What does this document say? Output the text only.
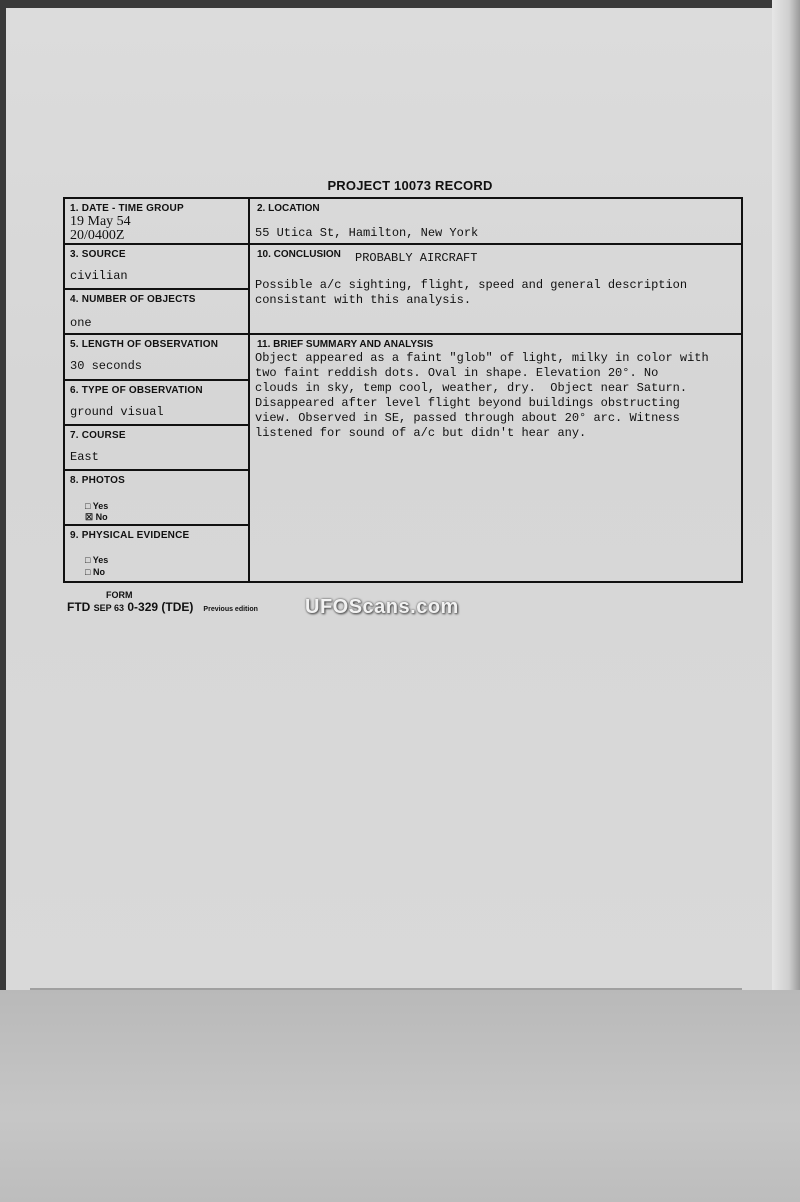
PROJECT 10073 RECORD
1. DATE - TIME GROUP
19 May 54
20/0400Z
3. SOURCE
civilian
4. NUMBER OF OBJECTS
one
5. LENGTH OF OBSERVATION
30 seconds
6. TYPE OF OBSERVATION
ground visual
7. COURSE
East
8. PHOTOS
□ Yes
☒ No
9. PHYSICAL EVIDENCE
□ Yes
□ No
2. LOCATION
55 Utica St, Hamilton, New York
10. CONCLUSION PROBABLY AIRCRAFT
Possible a/c sighting, flight, speed and general description
consistant with this analysis.
11. BRIEF SUMMARY AND ANALYSIS
Object appeared as a faint "glob" of light, milky in color with
two faint reddish dots. Oval in shape. Elevation 20°. No
clouds in sky, temp cool, weather, dry.  Object near Saturn.
Disappeared after level flight beyond buildings obstructing
view. Observed in SE, passed through about 20° arc. Witness
listened for sound of a/c but didn't hear any.
FORM
FTD SEP 63 0-329 (TDE) Previous edition UFOScans.com
